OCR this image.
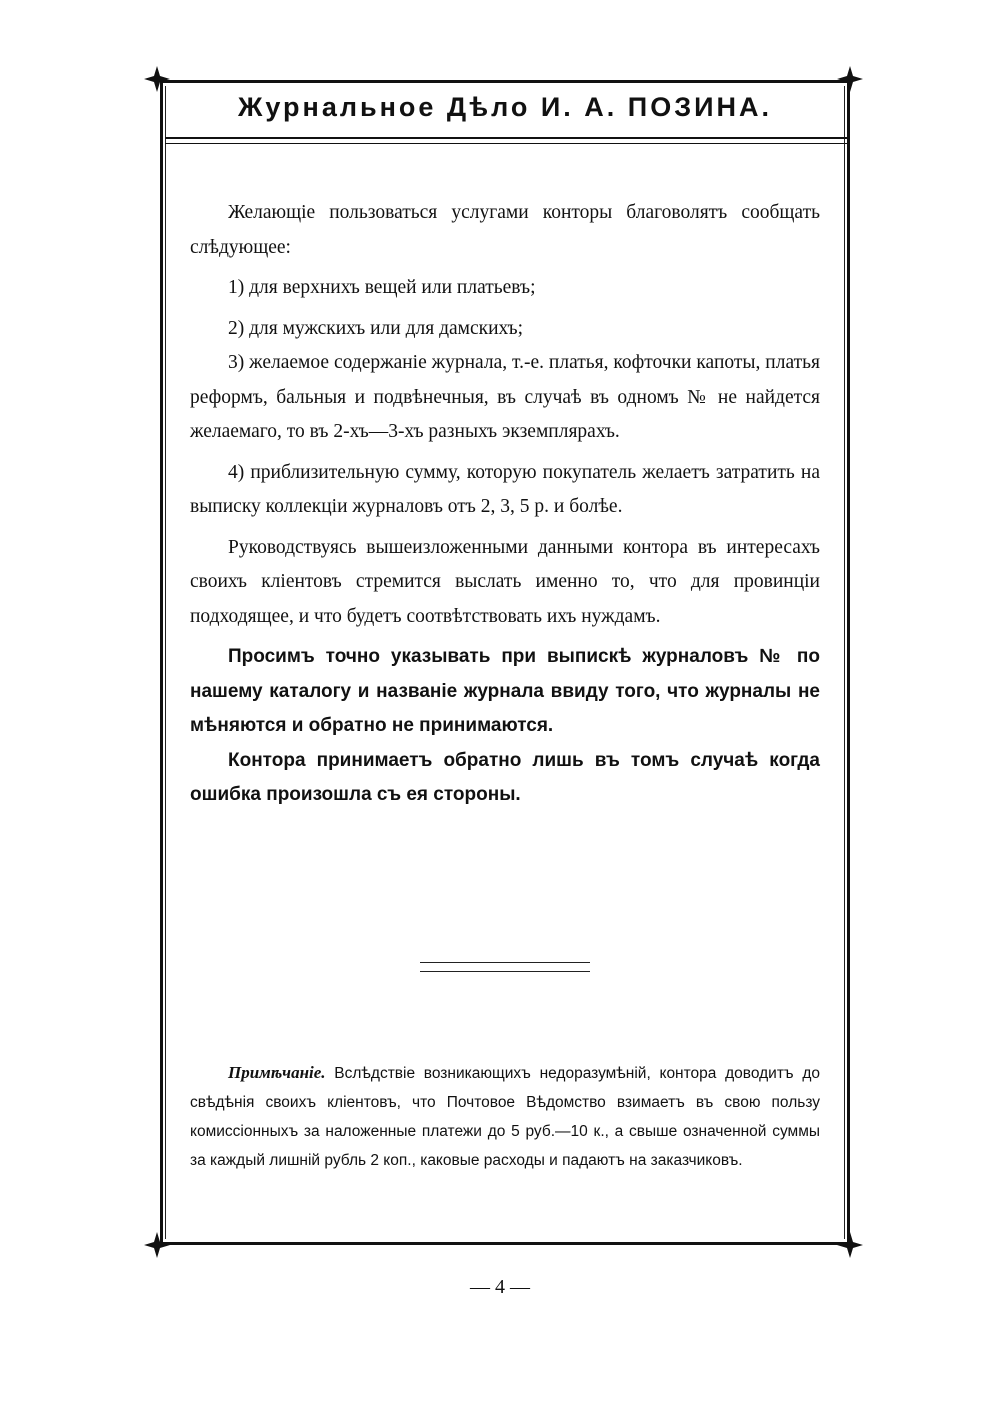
Журнальное Дѣло И. А. ПОЗИНА.

Желающіе пользоваться услугами конторы благоволятъ сообщать слѣдующее:

1) для верхнихъ вещей или платьевъ;

2) для мужскихъ или для дамскихъ;

3) желаемое содержаніе журнала, т.-е. платья, кофточки капоты, платья реформъ, бальныя и подвѣнечныя, въ случаѣ въ одномъ № не найдется желаемаго, то въ 2-хъ—3-хъ разныхъ экземплярахъ.

4) приблизительную сумму, которую покупатель желаетъ затратить на выписку коллекціи журналовъ отъ 2, 3, 5 р. и болѣе.

Руководствуясь вышеизложенными данными контора въ интересахъ своихъ клiентовъ стремится выслать именно то, что для провинціи подходящее, и что будетъ соотвѣтствовать ихъ нуждамъ.

Просимъ точно указывать при выпискѣ журналовъ № по нашему каталогу и названіе журнала ввиду того, что журналы не мѣняются и обратно не принимаются.

Контора принимаетъ обратно лишь въ томъ случаѣ когда ошибка произошла съ ея стороны.

Примѣчаніе. Вслѣдствіе возникающихъ недоразумѣній, контора доводитъ до свѣдѣнія своихъ клiентовъ, что Почтовое Вѣдомство взимаетъ въ свою пользу комиссіонныхъ за наложенные платежи до 5 руб.—10 к., а свыше означенной суммы за каждый лишній рубль 2 коп., каковые расходы и падаютъ на заказчиковъ.
— 4 —
